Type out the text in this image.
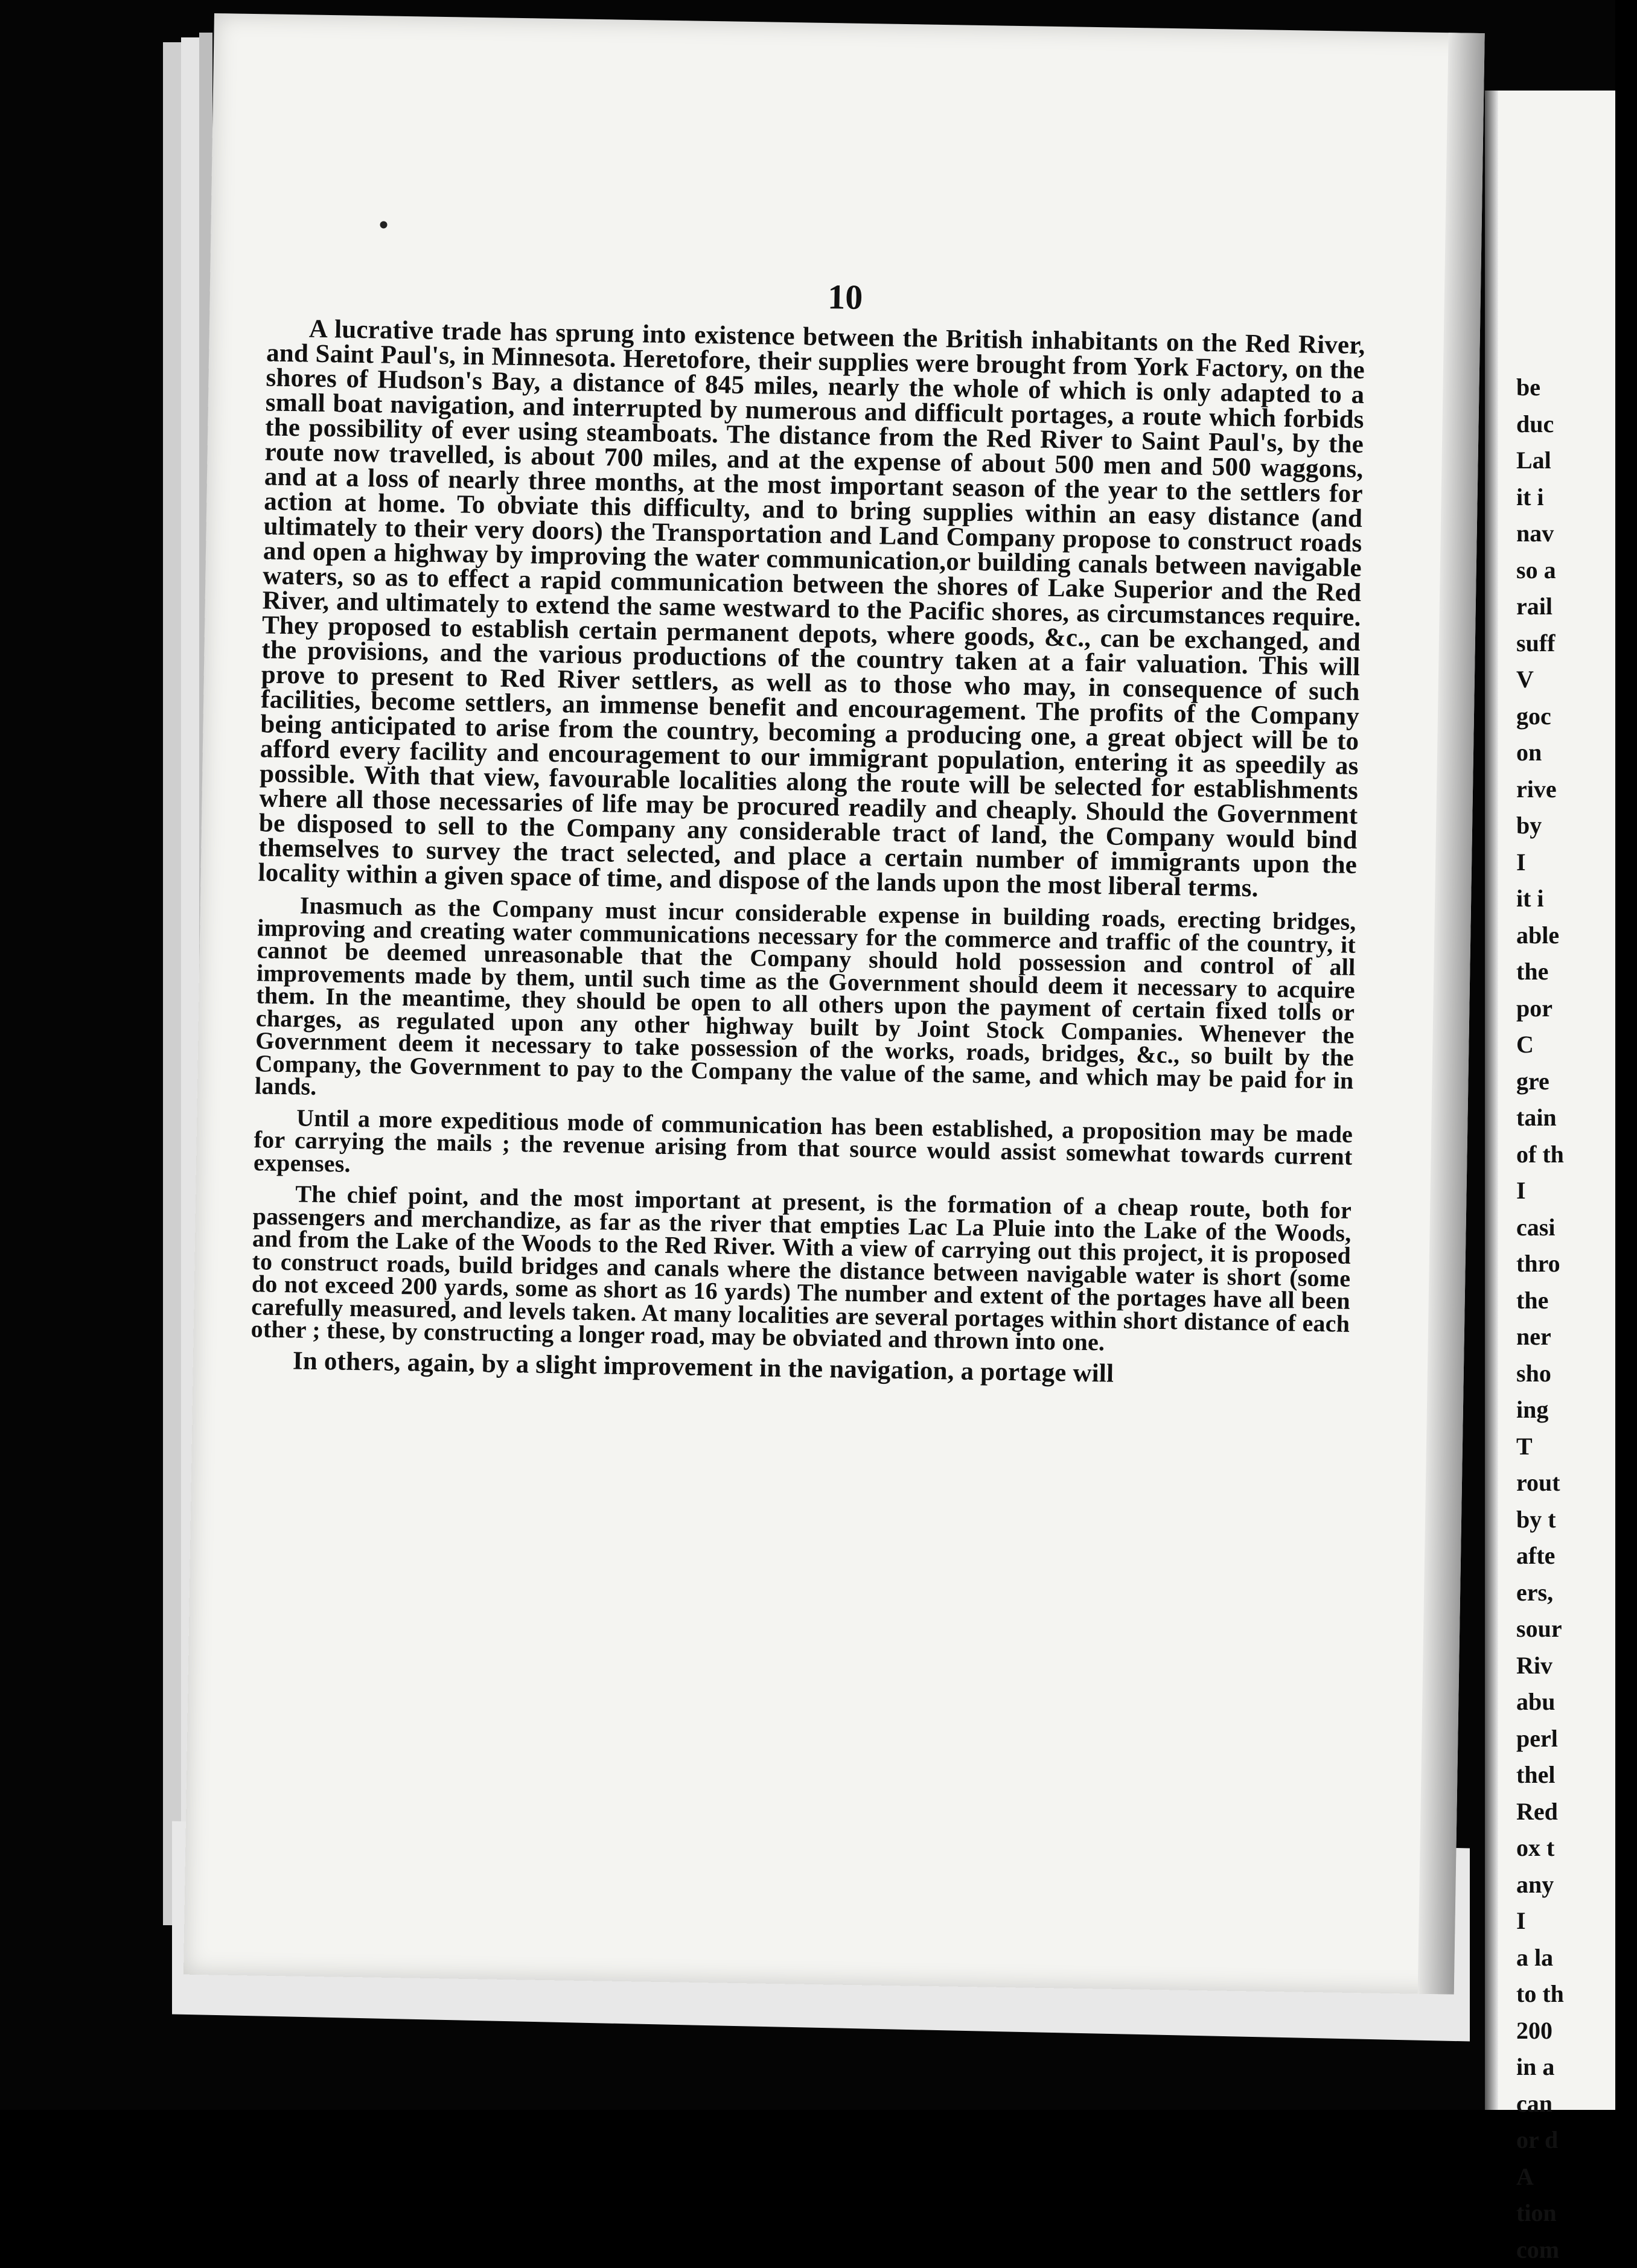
10

A lucrative trade has sprung into existence between the British inhabitants on the Red River, and Saint Paul's, in Minnesota. Heretofore, their supplies were brought from York Factory, on the shores of Hudson's Bay, a distance of 845 miles, nearly the whole of which is only adapted to a small boat navigation, and interrupted by numerous and difficult portages, a route which forbids the possibility of ever using steamboats. The distance from the Red River to Saint Paul's, by the route now travelled, is about 700 miles, and at the expense of about 500 men and 500 waggons, and at a loss of nearly three months, at the most important season of the year to the settlers for action at home. To obviate this difficulty, and to bring supplies within an easy distance (and ultimately to their very doors) the Transportation and Land Company propose to construct roads and open a highway by improving the water communication,or building canals between navigable waters, so as to effect a rapid communication between the shores of Lake Superior and the Red River, and ultimately to extend the same westward to the Pacific shores, as circumstances require. They proposed to establish certain permanent depots, where goods, &c., can be exchanged, and the provisions, and the various productions of the country taken at a fair valuation. This will prove to present to Red River settlers, as well as to those who may, in consequence of such facilities, become settlers, an immense benefit and encouragement. The profits of the Company being anticipated to arise from the country, becoming a producing one, a great object will be to afford every facility and encouragement to our immigrant population, entering it as speedily as possible. With that view, favourable localities along the route will be selected for establishments where all those necessaries of life may be procured readily and cheaply. Should the Government be disposed to sell to the Company any considerable tract of land, the Company would bind themselves to survey the tract selected, and place a certain number of immigrants upon the locality within a given space of time, and dispose of the lands upon the most liberal terms.

Inasmuch as the Company must incur considerable expense in building roads, erecting bridges, improving and creating water communications necessary for the commerce and traffic of the country, it cannot be deemed unreasonable that the Company should hold possession and control of all improvements made by them, until such time as the Government should deem it necessary to acquire them. In the meantime, they should be open to all others upon the payment of certain fixed tolls or charges, as regulated upon any other highway built by Joint Stock Companies. Whenever the Government deem it necessary to take possession of the works, roads, bridges, &c., so built by the Company, the Government to pay to the Company the value of the same, and which may be paid for in lands.

Until a more expeditious mode of communication has been established, a proposition may be made for carrying the mails ; the revenue arising from that source would assist somewhat towards current expenses.

The chief point, and the most important at present, is the formation of a cheap route, both for passengers and merchandize, as far as the river that empties Lac La Pluie into the Lake of the Woods, and from the Lake of the Woods to the Red River. With a view of carrying out this project, it is proposed to construct roads, build bridges and canals where the distance between navigable water is short (some do not exceed 200 yards, some as short as 16 yards) The number and extent of the portages have all been carefully measured, and levels taken. At many localities are several portages within short distance of each other ; these, by constructing a longer road, may be obviated and thrown into one.

In others, again, by a slight improvement in the navigation, a portage will

be
duc
Lal
it i
nav
so a
rail
suff
V
goc
on
rive
by
I
it i
able
the
por
C
gre
tain
of th
I
casi
thro
the
ner
sho
ing
T
rout
by t
afte
ers,
sour
Riv
abu
perl
thel
Red
ox t
any
I
a la
to th
200
in a
can
or d
A
tion
com
